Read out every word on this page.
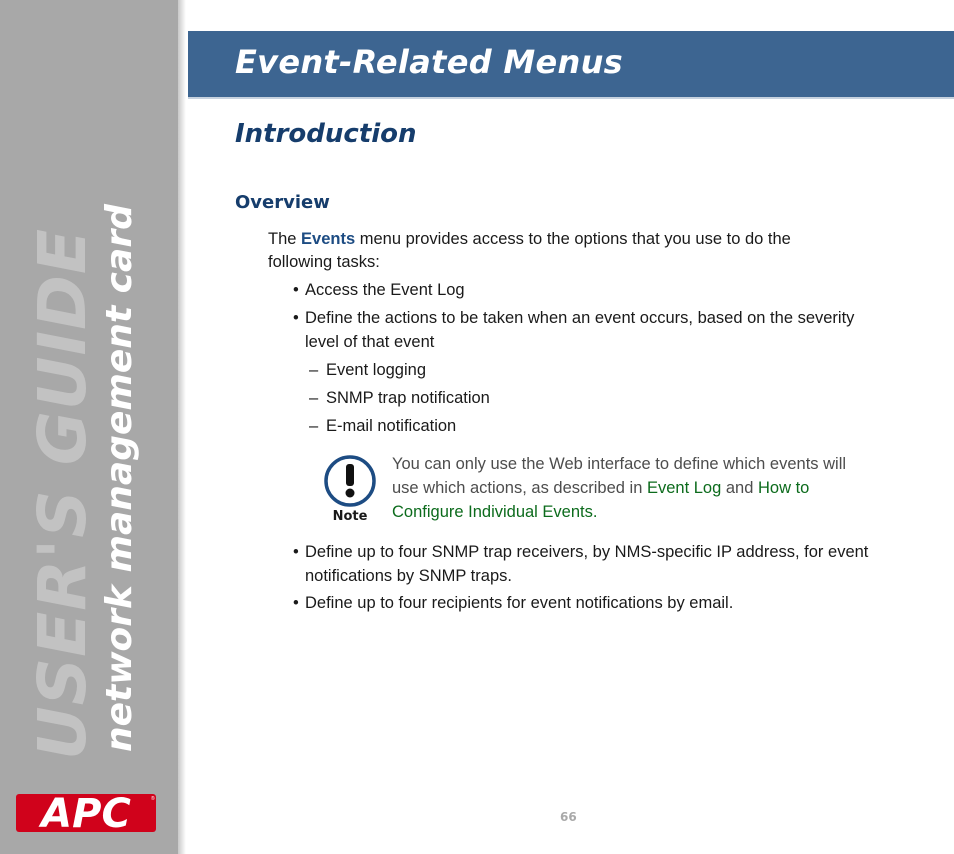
USER'S GUIDE
network management card
APC	®
Event-Related Menus
Introduction
Overview

The Events menu provides access to the options that you use to do the following tasks:

• Access the Event Log
• Define the actions to be taken when an event occurs, based on the severity level of that event
– Event logging
– SNMP trap notification
– E-mail notification
Note
You can only use the Web interface to define which events will use which actions, as described in Event Log and How to Configure Individual Events.
• Define up to four SNMP trap receivers, by NMS-specific IP address, for event notifications by SNMP traps.
• Define up to four recipients for event notifications by email.
66
